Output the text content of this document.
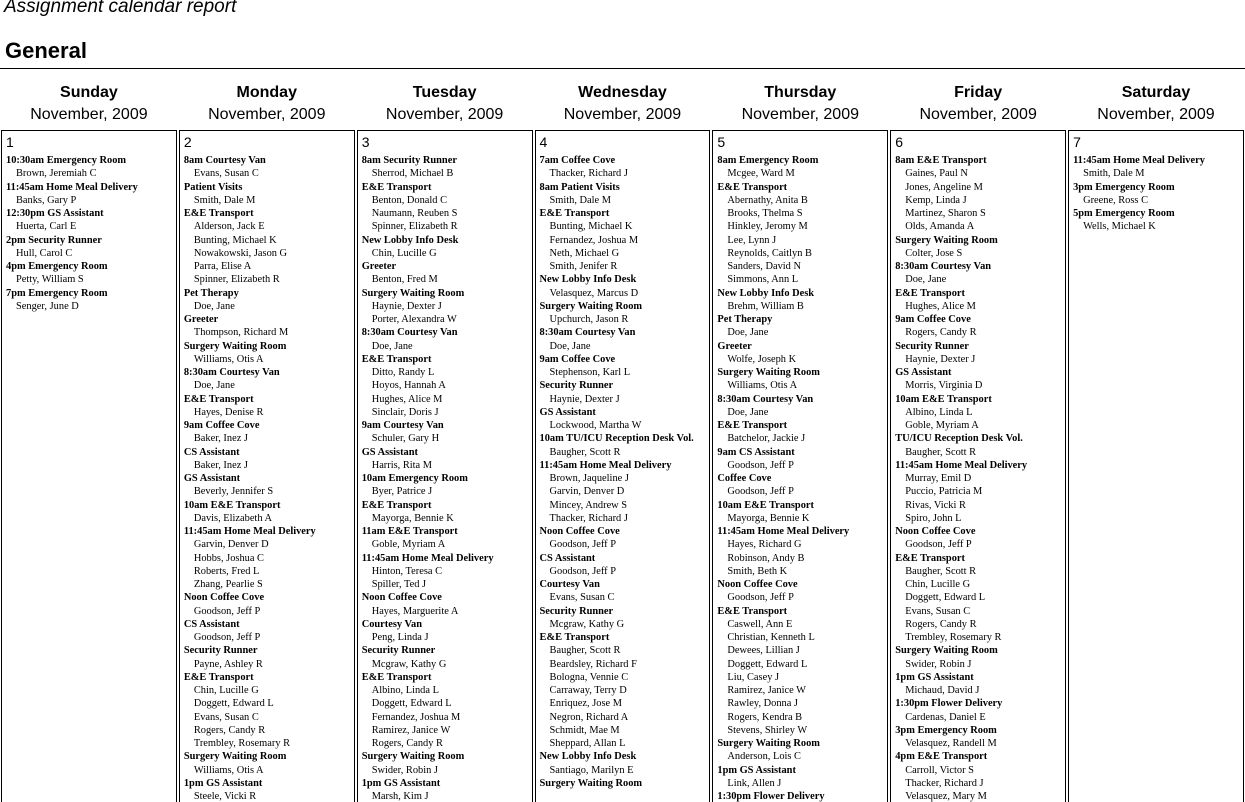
Assignment calendar report
General
Sunday
November, 2009
1
10:30am Emergency Room
Brown, Jeremiah C
11:45am Home Meal Delivery
Banks, Gary P
12:30pm GS Assistant
Huerta, Carl E
2pm Security Runner
Hull, Carol C
4pm Emergency Room
Petty, William S
7pm Emergency Room
Senger, June D
Monday
November, 2009
2
8am Courtesy Van
Evans, Susan C
Patient Visits
Smith, Dale M
E&E Transport
Alderson, Jack E
Bunting, Michael K
Nowakowski, Jason G
Parra, Elise A
Spinner, Elizabeth R
Pet Therapy
Doe, Jane
Greeter
Thompson, Richard M
Surgery Waiting Room
Williams, Otis A
8:30am Courtesy Van
Doe, Jane
E&E Transport
Hayes, Denise R
9am Coffee Cove
Baker, Inez J
CS Assistant
Baker, Inez J
GS Assistant
Beverly, Jennifer S
10am E&E Transport
Davis, Elizabeth A
11:45am Home Meal Delivery
Garvin, Denver D
Hobbs, Joshua C
Roberts, Fred L
Zhang, Pearlie S
Noon Coffee Cove
Goodson, Jeff P
CS Assistant
Goodson, Jeff P
Security Runner
Payne, Ashley R
E&E Transport
Chin, Lucille G
Doggett, Edward L
Evans, Susan C
Rogers, Candy R
Trembley, Rosemary R
Surgery Waiting Room
Williams, Otis A
1pm GS Assistant
Steele, Vicki R
Tuesday
November, 2009
3
8am Security Runner
Sherrod, Michael B
E&E Transport
Benton, Donald C
Naumann, Reuben S
Spinner, Elizabeth R
New Lobby Info Desk
Chin, Lucille G
Greeter
Benton, Fred M
Surgery Waiting Room
Haynie, Dexter J
Porter, Alexandra W
8:30am Courtesy Van
Doe, Jane
E&E Transport
Ditto, Randy L
Hoyos, Hannah A
Hughes, Alice M
Sinclair, Doris J
9am Courtesy Van
Schuler, Gary H
GS Assistant
Harris, Rita M
10am Emergency Room
Byer, Patrice J
E&E Transport
Mayorga, Bennie K
11am E&E Transport
Goble, Myriam A
11:45am Home Meal Delivery
Hinton, Teresa C
Spiller, Ted J
Noon Coffee Cove
Hayes, Marguerite A
Courtesy Van
Peng, Linda J
Security Runner
Mcgraw, Kathy G
E&E Transport
Albino, Linda L
Doggett, Edward L
Fernandez, Joshua M
Ramirez, Janice W
Rogers, Candy R
Surgery Waiting Room
Swider, Robin J
1pm GS Assistant
Marsh, Kim J
Wednesday
November, 2009
4
7am Coffee Cove
Thacker, Richard J
8am Patient Visits
Smith, Dale M
E&E Transport
Bunting, Michael K
Fernandez, Joshua M
Neth, Michael G
Smith, Jenifer R
New Lobby Info Desk
Velasquez, Marcus D
Surgery Waiting Room
Upchurch, Jason R
8:30am Courtesy Van
Doe, Jane
9am Coffee Cove
Stephenson, Karl L
Security Runner
Haynie, Dexter J
GS Assistant
Lockwood, Martha W
10am TU/ICU Reception Desk Vol.
Baugher, Scott R
11:45am Home Meal Delivery
Brown, Jaqueline J
Garvin, Denver D
Mincey, Andrew S
Thacker, Richard J
Noon Coffee Cove
Goodson, Jeff P
CS Assistant
Goodson, Jeff P
Courtesy Van
Evans, Susan C
Security Runner
Mcgraw, Kathy G
E&E Transport
Baugher, Scott R
Beardsley, Richard F
Bologna, Vennie C
Carraway, Terry D
Enriquez, Jose M
Negron, Richard A
Schmidt, Mae M
Sheppard, Allan L
New Lobby Info Desk
Santiago, Marilyn E
Surgery Waiting Room
Thursday
November, 2009
5
8am Emergency Room
Mcgee, Ward M
E&E Transport
Abernathy, Anita B
Brooks, Thelma S
Hinkley, Jeromy M
Lee, Lynn J
Reynolds, Caitlyn B
Sanders, David N
Simmons, Ann L
New Lobby Info Desk
Brehm, William B
Pet Therapy
Doe, Jane
Greeter
Wolfe, Joseph K
Surgery Waiting Room
Williams, Otis A
8:30am Courtesy Van
Doe, Jane
E&E Transport
Batchelor, Jackie J
9am CS Assistant
Goodson, Jeff P
Coffee Cove
Goodson, Jeff P
10am E&E Transport
Mayorga, Bennie K
11:45am Home Meal Delivery
Hayes, Richard G
Robinson, Andy B
Smith, Beth K
Noon Coffee Cove
Goodson, Jeff P
E&E Transport
Caswell, Ann E
Christian, Kenneth L
Dewees, Lillian J
Doggett, Edward L
Liu, Casey J
Ramirez, Janice W
Rawley, Donna J
Rogers, Kendra B
Stevens, Shirley W
Surgery Waiting Room
Anderson, Lois C
1pm GS Assistant
Link, Allen J
1:30pm Flower Delivery
Friday
November, 2009
6
8am E&E Transport
Gaines, Paul N
Jones, Angeline M
Kemp, Linda J
Martinez, Sharon S
Olds, Amanda A
Surgery Waiting Room
Colter, Jose S
8:30am Courtesy Van
Doe, Jane
E&E Transport
Hughes, Alice M
9am Coffee Cove
Rogers, Candy R
Security Runner
Haynie, Dexter J
GS Assistant
Morris, Virginia D
10am E&E Transport
Albino, Linda L
Goble, Myriam A
TU/ICU Reception Desk Vol.
Baugher, Scott R
11:45am Home Meal Delivery
Murray, Emil D
Puccio, Patricia M
Rivas, Vicki R
Spiro, John L
Noon Coffee Cove
Goodson, Jeff P
E&E Transport
Baugher, Scott R
Chin, Lucille G
Doggett, Edward L
Evans, Susan C
Rogers, Candy R
Trembley, Rosemary R
Surgery Waiting Room
Swider, Robin J
1pm GS Assistant
Michaud, David J
1:30pm Flower Delivery
Cardenas, Daniel E
3pm Emergency Room
Velasquez, Randell M
4pm E&E Transport
Carroll, Victor S
Thacker, Richard J
Velasquez, Mary M
Saturday
November, 2009
7
11:45am Home Meal Delivery
Smith, Dale M
3pm Emergency Room
Greene, Ross C
5pm Emergency Room
Wells, Michael K
